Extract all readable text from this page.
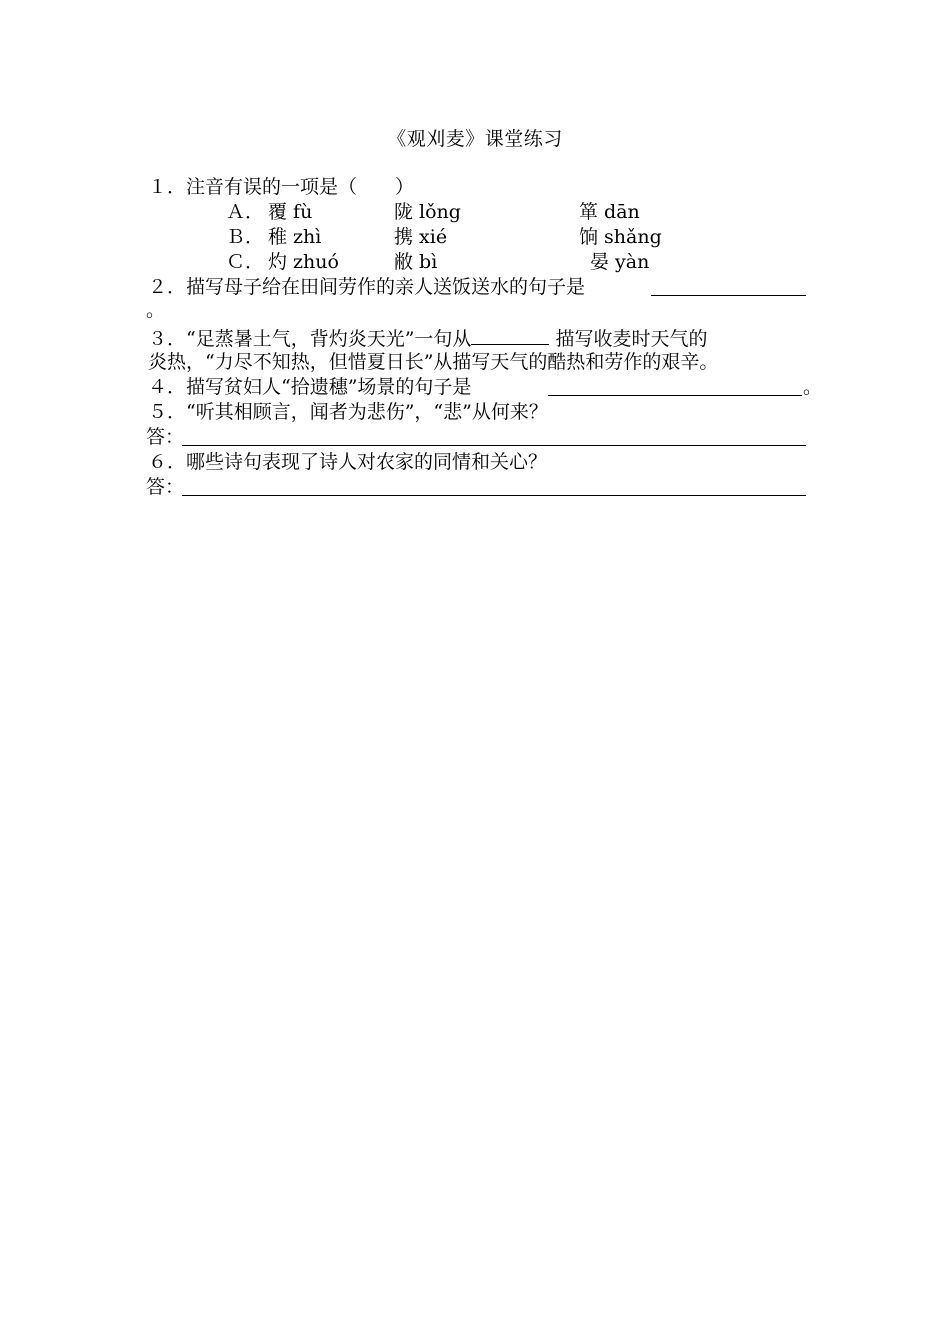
《观刈麦》课堂练习
１．注音有误的一项是（　　）
Ａ． 覆 fù	陇 lǒng	箪 dān
Ｂ． 稚 zhì	携 xié	饷 shǎng
Ｃ． 灼 zhuó	敝 bì	晏 yàn
２．描写母子给在田间劳作的亲人送饭送水的句子是
。
３．“足蒸暑土气，背灼炎天光”一句从	描写收麦时天气的
炎热，“力尽不知热，但惜夏日长”从描写天气的酷热和劳作的艰辛。
４．描写贫妇人“拾遗穗”场景的句子是	。
５．“听其相顾言，闻者为悲伤”，“悲”从何来？
答：
６．哪些诗句表现了诗人对农家的同情和关心？
答：
